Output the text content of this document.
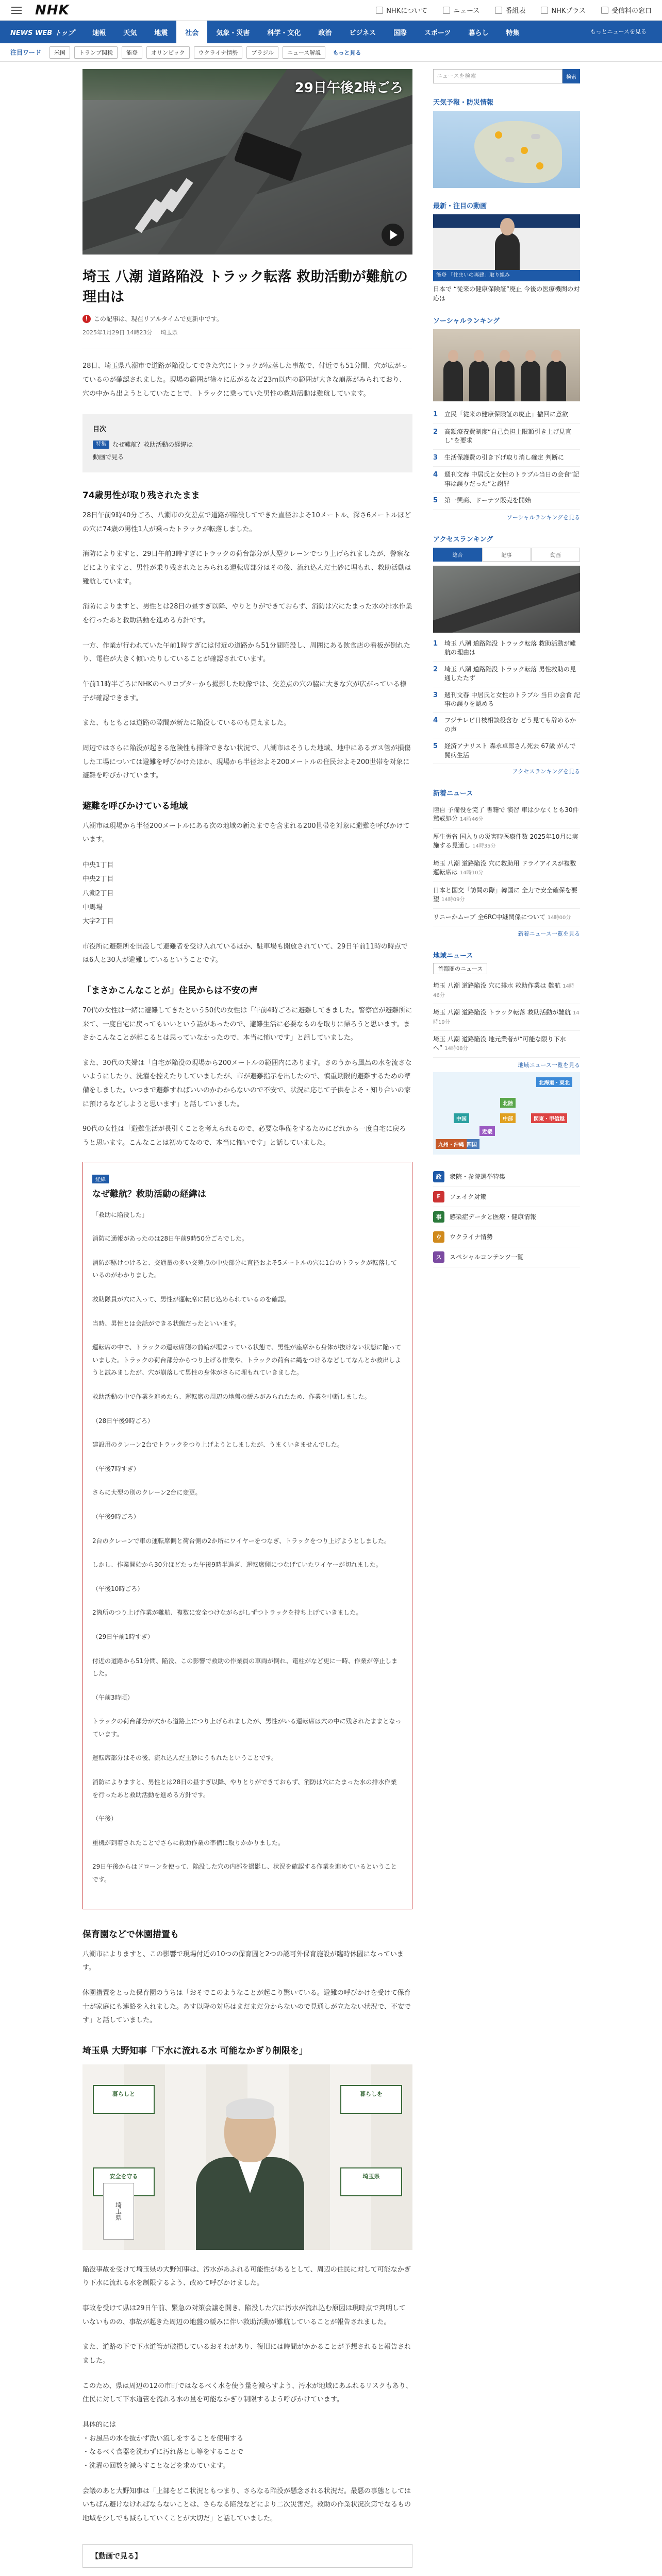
NHK	NHKについて	ニュース	番組表	NHKプラス	受信料の窓口
NEWS WEB トップ	速報	天気	地震	社会	気象・災害	科学・文化	政治	ビジネス	国際	スポーツ	暮らし	特集	もっとニュースを見る
注目ワード	米国	トランプ関税	能登	オリンピック	ウクライナ情勢	ブラジル	ニュース解説	もっと見る
29日午後2時ごろ
埼玉 八潮 道路陥没 トラック転落 救助活動が難航の理由は
! この記事は、現在リアルタイムで更新中です。
2025年1月29日 14時23分 埼玉県

28日、埼玉県八潮市で道路が陥没してできた穴にトラックが転落した事故で、付近でも51分間、穴が広がっているのが確認されました。現場の範囲が徐々に広がるなど23m以内の範囲が大きな崩落がみられており、穴の中から出ようとしていたことで、トラックに乗っていた男性の救助活動は難航しています。

目次
特集	なぜ難航？救助活動の経緯は
動画で見る
74歳男性が取り残されたまま

28日午前9時40分ごろ、八潮市の交差点で道路が陥没してできた直径およそ10メートル、深さ6メートルほどの穴に74歳の男性1人が乗ったトラックが転落しました。

消防によりますと、29日午前3時すぎにトラックの荷台部分が大型クレーンでつり上げられましたが、警察などによりますと、男性が乗り残されたとみられる運転席部分はその後、流れ込んだ土砂に埋もれ、救助活動は難航しています。

消防によりますと、男性とは28日の昼すぎ以降、やりとりができておらず、消防は穴にたまった水の排水作業を行ったあと救助活動を進める方針です。

一方、作業が行われていた午前1時すぎには付近の道路から51分間陥没し、周囲にある飲食店の看板が倒れたり、電柱が大きく傾いたりしていることが確認されています。

午前11時半ごろにNHKのヘリコプターから撮影した映像では、交差点の穴の脇に大きな穴が広がっている様子が確認できます。

また、もともとは道路の隙間が新たに陥没しているのも見えました。

周辺ではさらに陥没が起きる危険性も排除できない状況で、八潮市はそうした地域、地中にあるガス管が損傷した工場については避難を呼びかけたほか、現場から半径およそ200メートルの住民およそ200世帯を対象に避難を呼びかけています。

避難を呼びかけている地域

八潮市は現場から半径200メートルにある次の地域の新たまでを含まれる200世帯を対象に避難を呼びかけています。

中央1丁目
中央2丁目
八潮2丁目
中馬場
大字2丁目

市役所に避難所を開設して避難者を受け入れているほか、駐車場も開放されていて、29日午前11時の時点では6人と30人が避難しているということです。

「まさかこんなことが」住民からは不安の声

70代の女性は一緒に避難してきたという50代の女性は「午前4時ごろに避難してきました。警察官が避難所に来て、一度自宅に戻ってもいいという話があったので、避難生活に必要なものを取りに帰ろうと思います。まさかこんなことが起こるとは思っていなかったので、本当に怖いです」と話していました。

また、30代の夫婦は「自宅が陥没の現場から200メートルの範囲内にあります。さのうから風呂の水を流さないようにしたり、洗濯を控えたりしていましたが、市が避難指示を出したので、慎重期限的避難するための準備をしました。いつまで避難すればいいのかわからないので不安で、状況に応じて子供をよそ・知り合いの家に預けるなどしようと思います」と話していました。

90代の女性は「避難生活が長引くことを考えられるので、必要な準備をするためにどれから一度自宅に戻ろうと思います。こんなことは初めてなので、本当に怖いです」と話していました。

経緯
なぜ難航？救助活動の経緯は

「救助に陥没した」

消防に通報があったのは28日午前9時50分ごろでした。

消防が駆けつけると、交通量の多い交差点の中央部分に直径およそ5メートルの穴に1台のトラックが転落しているのがわかりました。

救助隊員が穴に入って、男性が運転席に閉じ込められているのを確認。

当時、男性とは会話ができる状態だったといいます。

運転席の中で、トラックの運転席側の前輪が埋まっている状態で、男性が座席から身体が抜けない状態に陥っていました。トラックの荷台部分からつり上げる作業や、トラックの荷台に縄をつけるなどしてなんとか救出しようと試みましたが、穴が崩落して男性の身体がさらに埋もれていきました。

救助活動の中で作業を進めたら、運転席の周辺の地盤の緩みがみられたため、作業を中断しました。

（28日午後9時ごろ）

建設用のクレーン2台でトラックをつり上げようとしましたが、うまくいきませんでした。

（午後7時すぎ）

さらに大型の別のクレーン2台に変更。

（午後9時ごろ）

2台のクレーンで車の運転席側と荷台側の2か所にワイヤーをつなぎ、トラックをつり上げようとしました。

しかし、作業開始から30分ほどたった午後9時半過ぎ、運転席側につなげていたワイヤーが切れました。

（午後10時ごろ）

2箇所のつり上げ作業が難航、複数に安全つけながらがしずつトラックを持ち上げていきました。

（29日午前1時すぎ）

付近の道路から51分間、陥没、この影響で救助の作業員の車両が倒れ、電柱がなど更に一時、作業が停止しました。

（午前3時頃）

トラックの荷台部分が穴から道路上につり上げられましたが、男性がいる運転席は穴の中に残されたままとなっています。

運転席部分はその後、流れ込んだ土砂にうもれたということです。

消防によりますと、男性とは28日の昼すぎ以降、やりとりができておらず、消防は穴にたまった水の排水作業を行ったあと救助活動を進める方針です。

（午後）

重機が到着されたことでさらに救助作業の準備に取りかかりました。

29日午後からはドローンを使って、陥没した穴の内部を撮影し、状況を確認する作業を進めているということです。

保育園などで休園措置も

八潮市によりますと、この影響で現場付近の10つの保育園と2つの認可外保育施設が臨時休園になっています。

休園措置をとった保育園のうちは「おそでこのようなことが起こり驚いている。避難の呼びかけを受けて保育士が家庭にも連絡を入れました。あす以降の対応はまだまだ分からないので見通しが立たない状況で、不安です」と話していました。

埼玉県 大野知事「下水に流れる水 可能なかぎり制限を」
暮らしと	暮らしを
安全を守る	埼玉県
埼玉県

陥没事故を受けて埼玉県の大野知事は、汚水があふれる可能性があるとして、周辺の住民に対して可能なかぎり下水に流れる水を制限するよう、改めて呼びかけました。

事故を受けて県は29日午前、緊急の対策会議を開き、陥没した穴に汚水が流れ込む原因は現時点で判明していないものの、事故が起きた周辺の地盤の緩みに伴い救助活動が難航していることが報告されました。

また、道路の下で下水道管が破損しているおそれがあり、復旧には時間がかかることが予想されると報告されました。

このため、県は周辺の12の市町ではなるべく水を使う量を減らすよう、汚水が地域にあふれるリスクもあり、住民に対して下水道管を流れる水の量を可能なかぎり制限するよう呼びかけています。

具体的には
・お風呂の水を抜かず洗い流しをすることを使用する
・なるべく食器を洗わずに汚れ落とし等をすることで
・洗濯の回数を減らすことなどを求めています。

会議のあと大野知事は「上部をどこ状況ともつまり、さらなる陥没が懸念される状況だ。最悪の事態としてはいちばん避けなければならないことは、さらなる陥没などにより二次災害だ。救助の作業状況次第でなるもの地域を少しでも減らしていくことが大切だ」と話していました。

【動画で見る】
ニュースを検索	検索
天気予報・防災情報
最新・注目の動画
能登 「住まいの再建」取り組み
日本で “従来の健康保険証”廃止 今後の医療機関の対応は
ソーシャルランキング
1	立民「従来の健康保険証の廃止」撤回に意欲
2	高額療養費制度“自己負担上限額引き上げ見直し”を要求
3	生活保護費の引き下げ取り消し確定 判断に
4	週刊文春 中居氏と女性のトラブル当日の会食“記事は誤りだった”と謝罪
5	第一興商、ドーナツ販売を開始
ソーシャルランキングを見る
アクセスランキング
総合	記事	動画
1	埼玉 八潮 道路陥没 トラック転落 救助活動が難航の理由は
2	埼玉 八潮 道路陥没 トラック転落 男性救助の見通したたず
3	週刊文春 中居氏と女性のトラブル 当日の会食 記事の誤りを認める
4	フジテレビ日枝相談役含む どう見ても辞めるかの声
5	経済アナリスト 森永卓郎さん死去 67歳 がんで闘病生活
アクセスランキングを見る
新着ニュース
陸自 予備役を完了 書籍で 演習 車は少なくとも30件 懲戒処分 14時46分
厚生労省 国入りの災害時医療件数 2025年10月に実施する見通し 14時35分
埼玉 八潮 道路陥没 穴に救助用 ドライアイスが複数 運転席は 14時10分
日本と国交「訪問の際」韓国に 全力で安全確保を要望 14時09分
リニーかムーブ 全6RC中継関係について 14時00分
新着ニュース一覧を見る
地域ニュース
首都圏のニュース
埼玉 八潮 道路陥没 穴に排水 救助作業は 難航 14時46分
埼玉 八潮 道路陥没 トラック転落 救助活動が難航 14時19分
埼玉 八潮 道路陥没 地元業者が“可能な限り下水へ” 14時08分
地域ニュース一覧を見る
北海道・東北
北陸
中部	関東・甲信越
近畿
中国
四国
九州・沖縄
政	衆院・参院選挙特集
F	フェイク対策
事	感染症データと医療・健康情報
ウ	ウクライナ情勢
ス	スペシャルコンテンツ一覧
